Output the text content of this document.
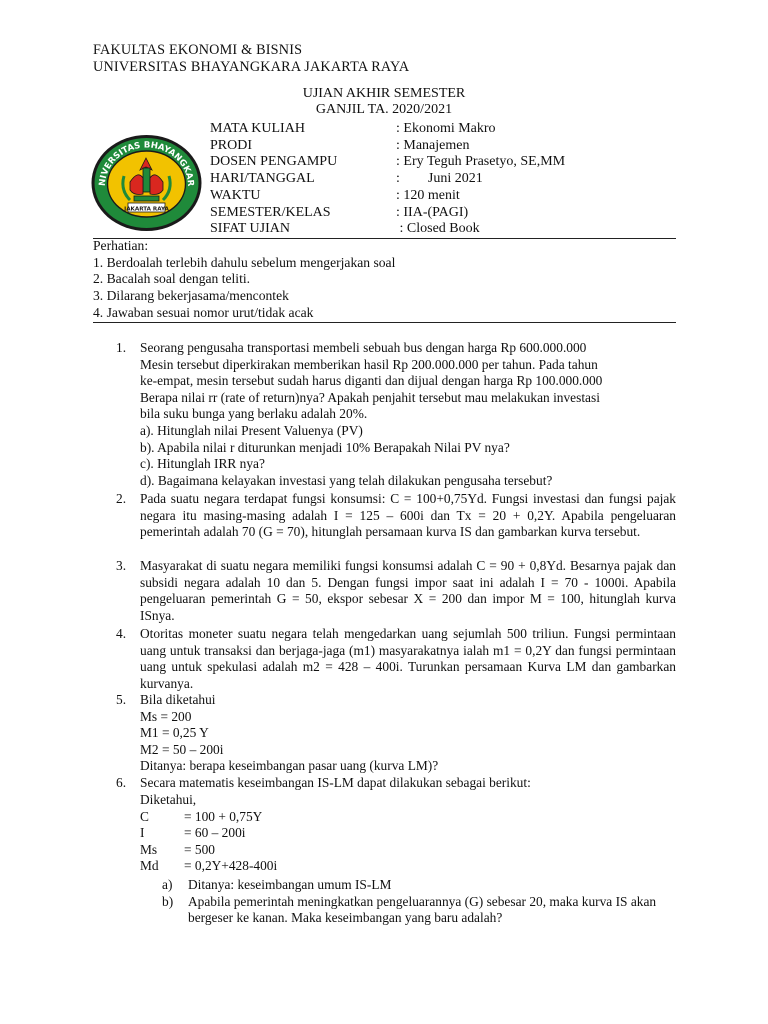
FAKULTAS EKONOMI & BISNIS
UNIVERSITAS BHAYANGKARA JAKARTA RAYA
UJIAN AKHIR SEMESTER
GANJIL TA. 2020/2021
NIVERSITAS BHAYANGKAR
JAKARTA RAYA
MATA KULIAH	: Ekonomi Makro
PRODI	: Manajemen
DOSEN PENGAMPU	: Ery Teguh Prasetyo, SE,MM
HARI/TANGGAL	:        Juni 2021
WAKTU	: 120 menit
SEMESTER/KELAS	: IIA-(PAGI)
SIFAT UJIAN	: Closed Book
Perhatian:
1. Berdoalah terlebih dahulu sebelum mengerjakan soal
2. Bacalah soal dengan teliti.
3. Dilarang bekerjasama/mencontek
4. Jawaban sesuai nomor urut/tidak acak
1. Seorang pengusaha transportasi membeli sebuah bus dengan harga Rp 600.000.000
Mesin tersebut diperkirakan memberikan hasil Rp 200.000.000 per tahun. Pada tahun
ke-empat, mesin tersebut sudah harus diganti dan dijual dengan harga Rp 100.000.000
Berapa nilai rr (rate of return)nya? Apakah penjahit tersebut mau melakukan investasi
bila suku bunga yang berlaku adalah 20%.
a). Hitunglah nilai Present Valuenya (PV)
b). Apabila nilai r diturunkan menjadi 10% Berapakah Nilai PV nya?
c). Hitunglah IRR nya?
d). Bagaimana kelayakan investasi yang telah dilakukan pengusaha tersebut?
2. Pada suatu negara terdapat fungsi konsumsi: C = 100+0,75Yd. Fungsi investasi dan fungsi pajak negara itu masing-masing adalah I = 125 – 600i dan Tx = 20 + 0,2Y. Apabila pengeluaran pemerintah adalah 70 (G = 70), hitunglah persamaan kurva IS dan gambarkan kurva tersebut.

3. Masyarakat di suatu negara memiliki fungsi konsumsi adalah C = 90 + 0,8Yd. Besarnya pajak dan subsidi negara adalah 10 dan 5. Dengan fungsi impor saat ini adalah I = 70 - 1000i. Apabila pengeluaran pemerintah G = 50, ekspor sebesar X = 200 dan impor M = 100, hitunglah kurva ISnya.

4. Otoritas moneter suatu negara telah mengedarkan uang sejumlah 500 triliun. Fungsi permintaan uang untuk transaksi dan berjaga-jaga (m1) masyarakatnya ialah m1 = 0,2Y dan fungsi permintaan uang untuk spekulasi adalah m2 = 428 – 400i. Turunkan persamaan Kurva LM dan gambarkan kurvanya.

5. Bila diketahui
Ms = 200
M1 = 0,25 Y
M2 = 50 – 200i
Ditanya: berapa keseimbangan pasar uang (kurva LM)?
6. Secara matematis keseimbangan IS-LM dapat dilakukan sebagai berikut:
Diketahui,
C	= 100 + 0,75Y
I	= 60 – 200i
Ms = 500
Md = 0,2Y+428-400i
a) Ditanya: keseimbangan umum IS-LM
b) Apabila pemerintah meningkatkan pengeluarannya (G) sebesar 20, maka kurva IS akan bergeser ke kanan. Maka keseimbangan yang baru adalah?
